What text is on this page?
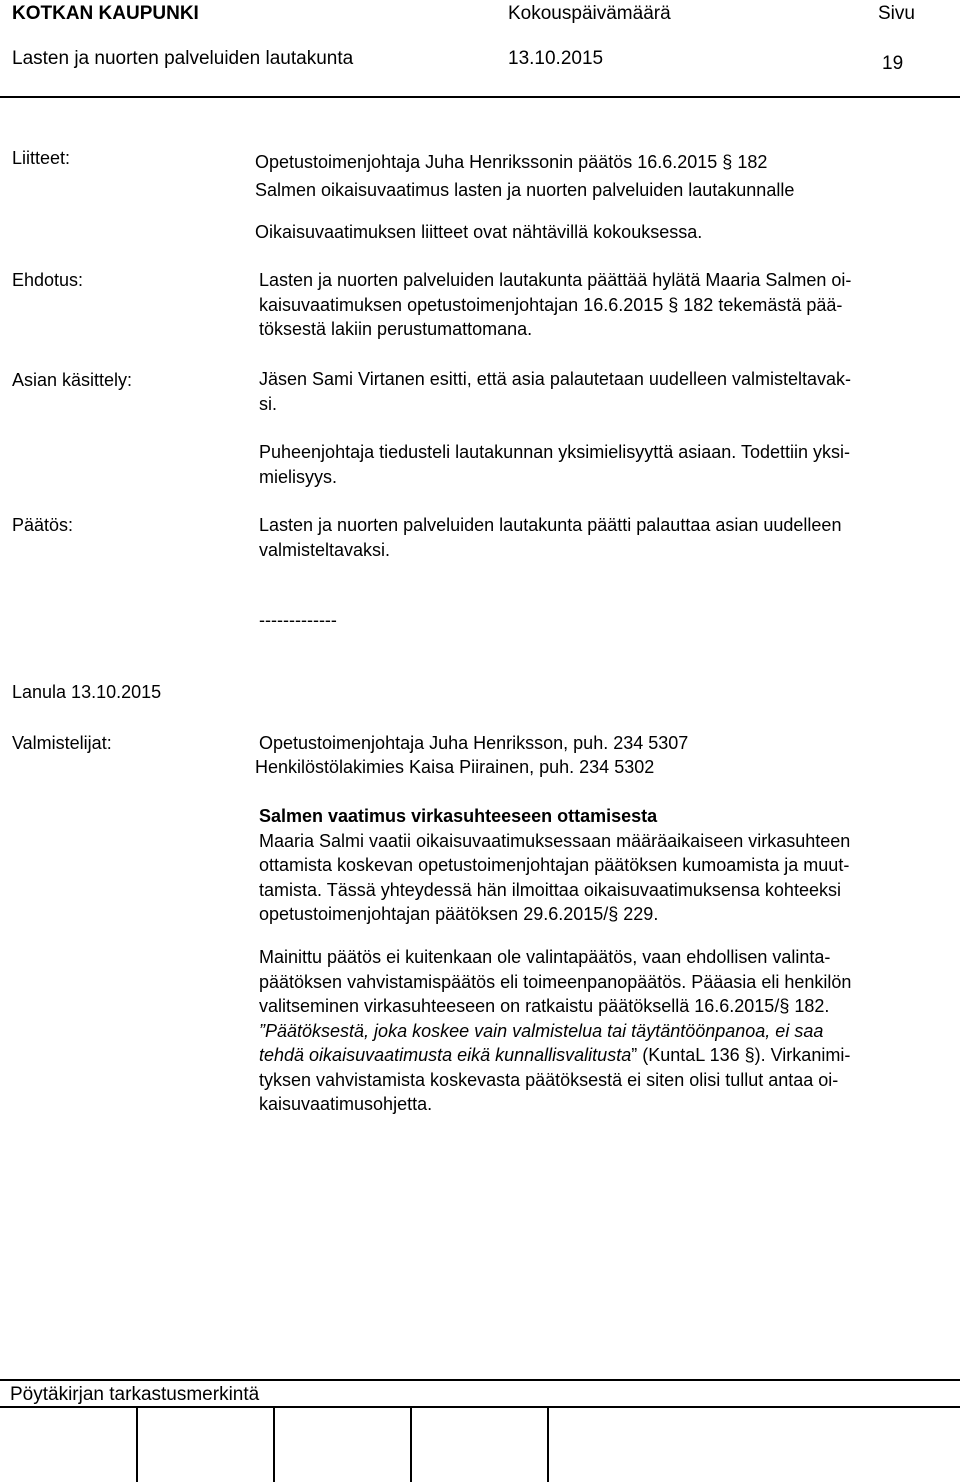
KOTKAN KAUPUNKI	Kokouspäivämäärä	Sivu
Lasten ja nuorten palveluiden lautakunta	13.10.2015	19
Liitteet:	Opetustoimenjohtaja Juha Henrikssonin päätös 16.6.2015 § 182
Salmen oikaisuvaatimus lasten ja nuorten palveluiden lautakunnalle
Oikaisuvaatimuksen liitteet ovat nähtävillä kokouksessa.
Ehdotus:	Lasten ja nuorten palveluiden lautakunta päättää hylätä Maaria Salmen oi-
kaisuvaatimuksen opetustoimenjohtajan 16.6.2015 § 182 tekemästä pää-
töksestä lakiin perustumattomana.
Asian käsittely:	Jäsen Sami Virtanen esitti, että asia palautetaan uudelleen valmisteltavak-
si.
Puheenjohtaja tiedusteli lautakunnan yksimielisyyttä asiaan. Todettiin yksi-
mielisyys.
Päätös:	Lasten ja nuorten palveluiden lautakunta päätti palauttaa asian uudelleen
valmisteltavaksi.
-------------
Lanula 13.10.2015
Valmistelijat:	Opetustoimenjohtaja Juha Henriksson, puh. 234 5307
Henkilöstölakimies Kaisa Piirainen, puh. 234 5302
Salmen vaatimus virkasuhteeseen ottamisesta
Maaria Salmi vaatii oikaisuvaatimuksessaan määräaikaiseen virkasuhteen
ottamista koskevan opetustoimenjohtajan päätöksen kumoamista ja muut-
tamista. Tässä yhteydessä hän ilmoittaa oikaisuvaatimuksensa kohteeksi
opetustoimenjohtajan päätöksen 29.6.2015/§ 229.
Mainittu päätös ei kuitenkaan ole valintapäätös, vaan ehdollisen valinta-
päätöksen vahvistamispäätös eli toimeenpanopäätös. Pääasia eli henkilön
valitseminen virkasuhteeseen on ratkaistu päätöksellä 16.6.2015/§ 182.
”Päätöksestä, joka koskee vain valmistelua tai täytäntöönpanoa, ei saa
tehdä oikaisuvaatimusta eikä kunnallisvalitusta” (KuntaL 136 §). Virkanimi-
tyksen vahvistamista koskevasta päätöksestä ei siten olisi tullut antaa oi-
kaisuvaatimusohjetta.
Pöytäkirjan tarkastusmerkintä
